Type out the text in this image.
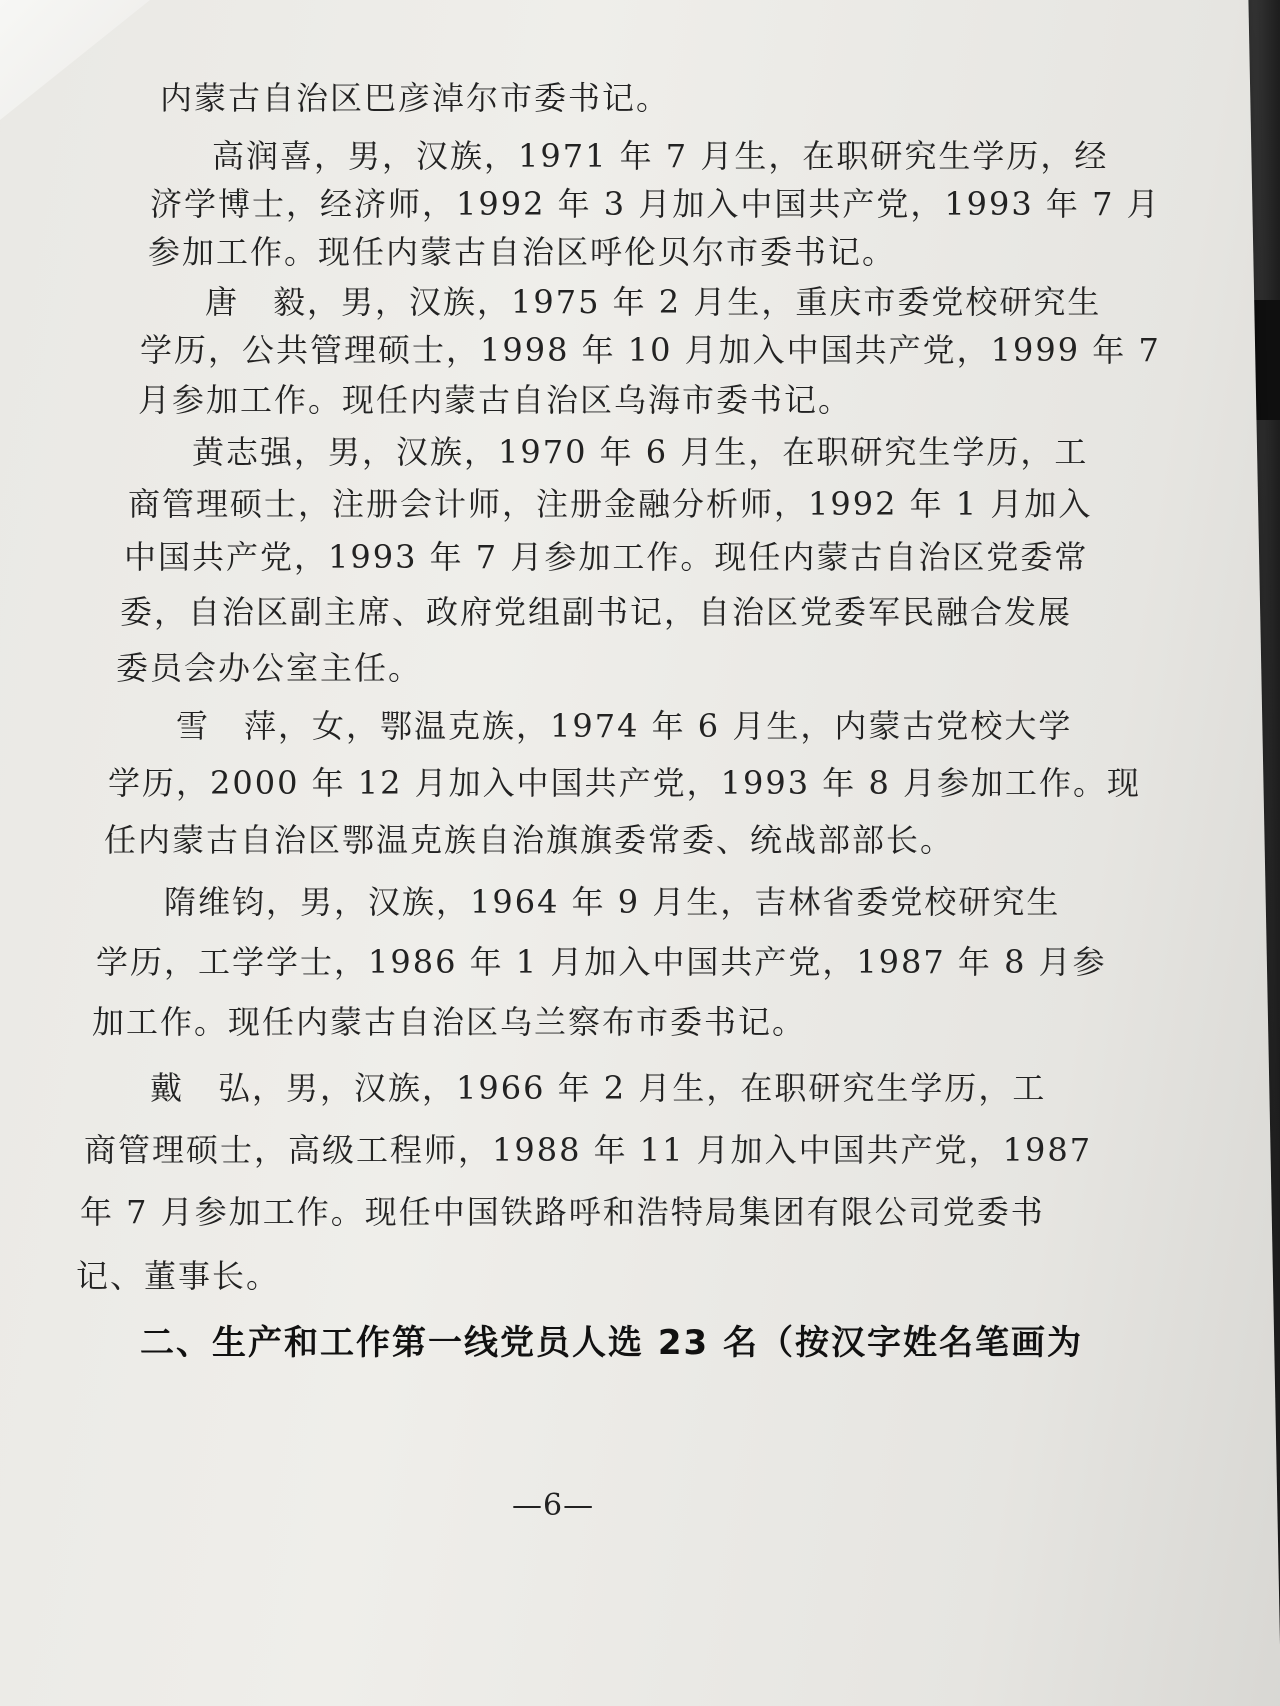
内蒙古自治区巴彦淖尔市委书记。
高润喜，男，汉族，1971 年 7 月生，在职研究生学历，经
济学博士，经济师，1992 年 3 月加入中国共产党，1993 年 7 月
参加工作。现任内蒙古自治区呼伦贝尔市委书记。
唐　毅，男，汉族，1975 年 2 月生，重庆市委党校研究生
学历，公共管理硕士，1998 年 10 月加入中国共产党，1999 年 7
月参加工作。现任内蒙古自治区乌海市委书记。
黄志强，男，汉族，1970 年 6 月生，在职研究生学历，工
商管理硕士，注册会计师，注册金融分析师，1992 年 1 月加入
中国共产党，1993 年 7 月参加工作。现任内蒙古自治区党委常
委，自治区副主席、政府党组副书记，自治区党委军民融合发展
委员会办公室主任。
雪　萍，女，鄂温克族，1974 年 6 月生，内蒙古党校大学
学历，2000 年 12 月加入中国共产党，1993 年 8 月参加工作。现
任内蒙古自治区鄂温克族自治旗旗委常委、统战部部长。
隋维钧，男，汉族，1964 年 9 月生，吉林省委党校研究生
学历，工学学士，1986 年 1 月加入中国共产党，1987 年 8 月参
加工作。现任内蒙古自治区乌兰察布市委书记。
戴　弘，男，汉族，1966 年 2 月生，在职研究生学历，工
商管理硕士，高级工程师，1988 年 11 月加入中国共产党，1987
年 7 月参加工作。现任中国铁路呼和浩特局集团有限公司党委书
记、董事长。
二、生产和工作第一线党员人选 23 名（按汉字姓名笔画为
—6—
